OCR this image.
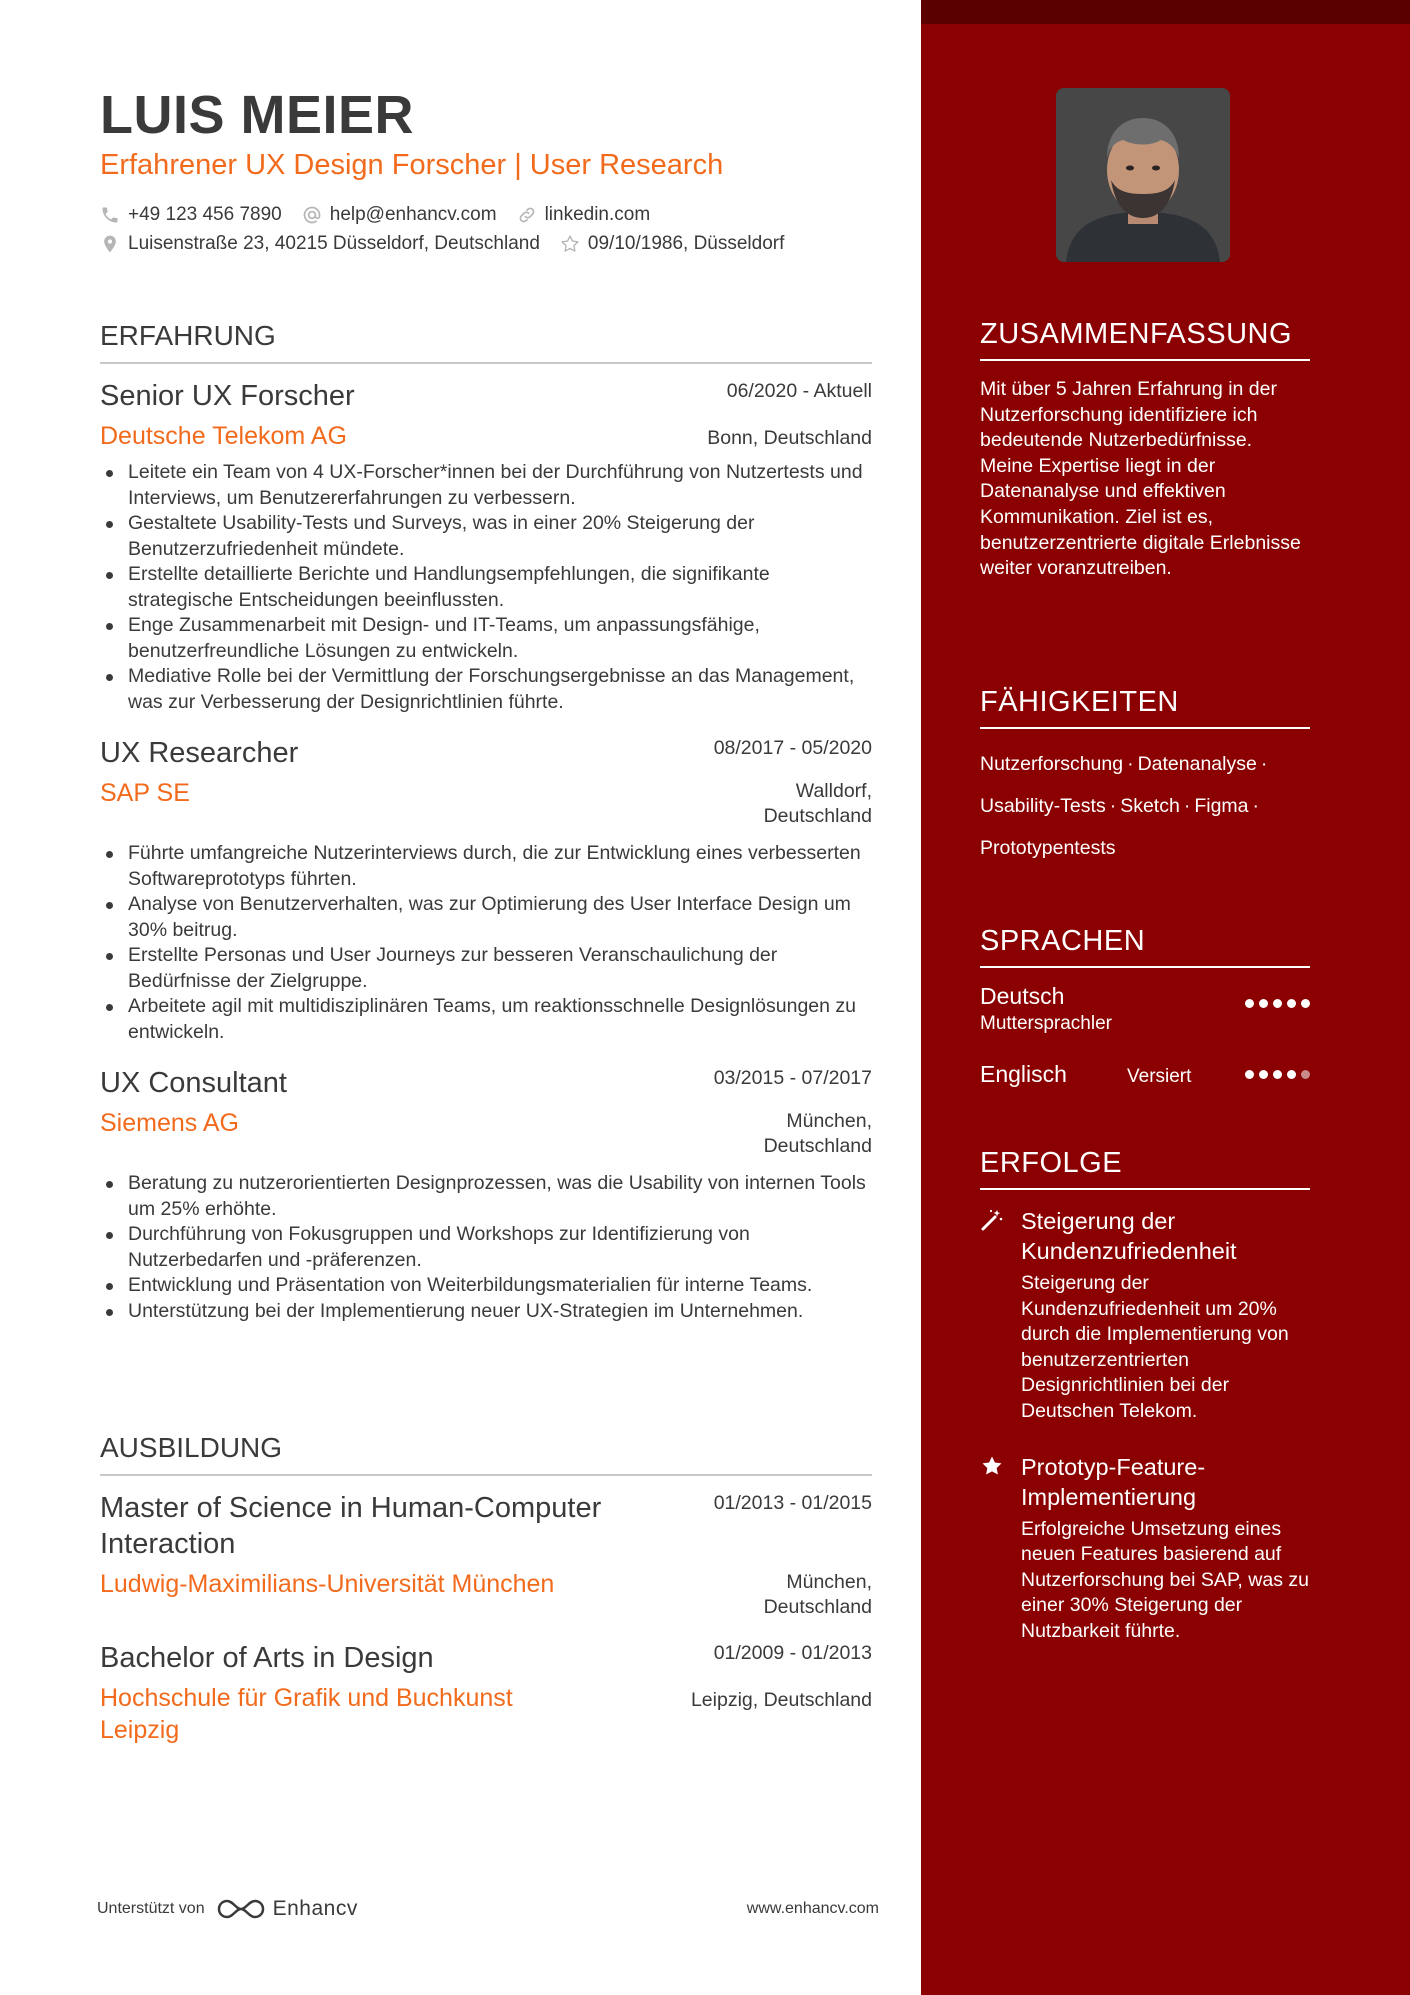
LUIS MEIER
Erfahrener UX Design Forscher | User Research
+49 123 456 7890	help@enhancv.com	linkedin.com
Luisenstraße 23, 40215 Düsseldorf, Deutschland	09/10/1986, Düsseldorf
ERFAHRUNG
Senior UX Forscher	06/2020 - Aktuell
Deutsche Telekom AG	Bonn, Deutschland
Leitete ein Team von 4 UX-Forscher*innen bei der Durchführung von Nutzertests und Interviews, um Benutzererfahrungen zu verbessern.
Gestaltete Usability-Tests und Surveys, was in einer 20% Steigerung der Benutzerzufriedenheit mündete.
Erstellte detaillierte Berichte und Handlungsempfehlungen, die signifikante strategische Entscheidungen beeinflussten.
Enge Zusammenarbeit mit Design- und IT-Teams, um anpassungsfähige, benutzerfreundliche Lösungen zu entwickeln.
Mediative Rolle bei der Vermittlung der Forschungsergebnisse an das Management, was zur Verbesserung der Designrichtlinien führte.
UX Researcher	08/2017 - 05/2020
SAP SE	Walldorf,
Deutschland
Führte umfangreiche Nutzerinterviews durch, die zur Entwicklung eines verbesserten Softwareprototyps führten.
Analyse von Benutzerverhalten, was zur Optimierung des User Interface Design um 30% beitrug.
Erstellte Personas und User Journeys zur besseren Veranschaulichung der Bedürfnisse der Zielgruppe.
Arbeitete agil mit multidisziplinären Teams, um reaktionsschnelle Designlösungen zu entwickeln.
UX Consultant	03/2015 - 07/2017
Siemens AG	München,
Deutschland
Beratung zu nutzerorientierten Designprozessen, was die Usability von internen Tools um 25% erhöhte.
Durchführung von Fokusgruppen und Workshops zur Identifizierung von Nutzerbedarfen und -präferenzen.
Entwicklung und Präsentation von Weiterbildungsmaterialien für interne Teams.
Unterstützung bei der Implementierung neuer UX-Strategien im Unternehmen.
AUSBILDUNG
Master of Science in Human-Computer
Interaction
01/2013 - 01/2015
Ludwig-Maximilians-Universität München	München,
Deutschland
Bachelor of Arts in Design	01/2009 - 01/2013
Hochschule für Grafik und Buchkunst
Leipzig
Leipzig, Deutschland
Unterstützt von	Enhancv	www.enhancv.com
ZUSAMMENFASSUNG
Mit über 5 Jahren Erfahrung in der Nutzerforschung identifiziere ich bedeutende Nutzerbedürfnisse. Meine Expertise liegt in der Datenanalyse und effektiven Kommunikation. Ziel ist es, benutzerzentrierte digitale Erlebnisse weiter voranzutreiben.
FÄHIGKEITEN
Nutzerforschung · Datenanalyse ·
Usability-Tests · Sketch · Figma ·
Prototypentests
SPRACHEN
Deutsch
Muttersprachler
Englisch	Versiert
ERFOLGE
Steigerung der Kundenzufriedenheit
Steigerung der Kundenzufriedenheit um 20% durch die Implementierung von benutzerzentrierten Designrichtlinien bei der Deutschen Telekom.
Prototyp-Feature-Implementierung
Erfolgreiche Umsetzung eines neuen Features basierend auf Nutzerforschung bei SAP, was zu einer 30% Steigerung der Nutzbarkeit führte.
